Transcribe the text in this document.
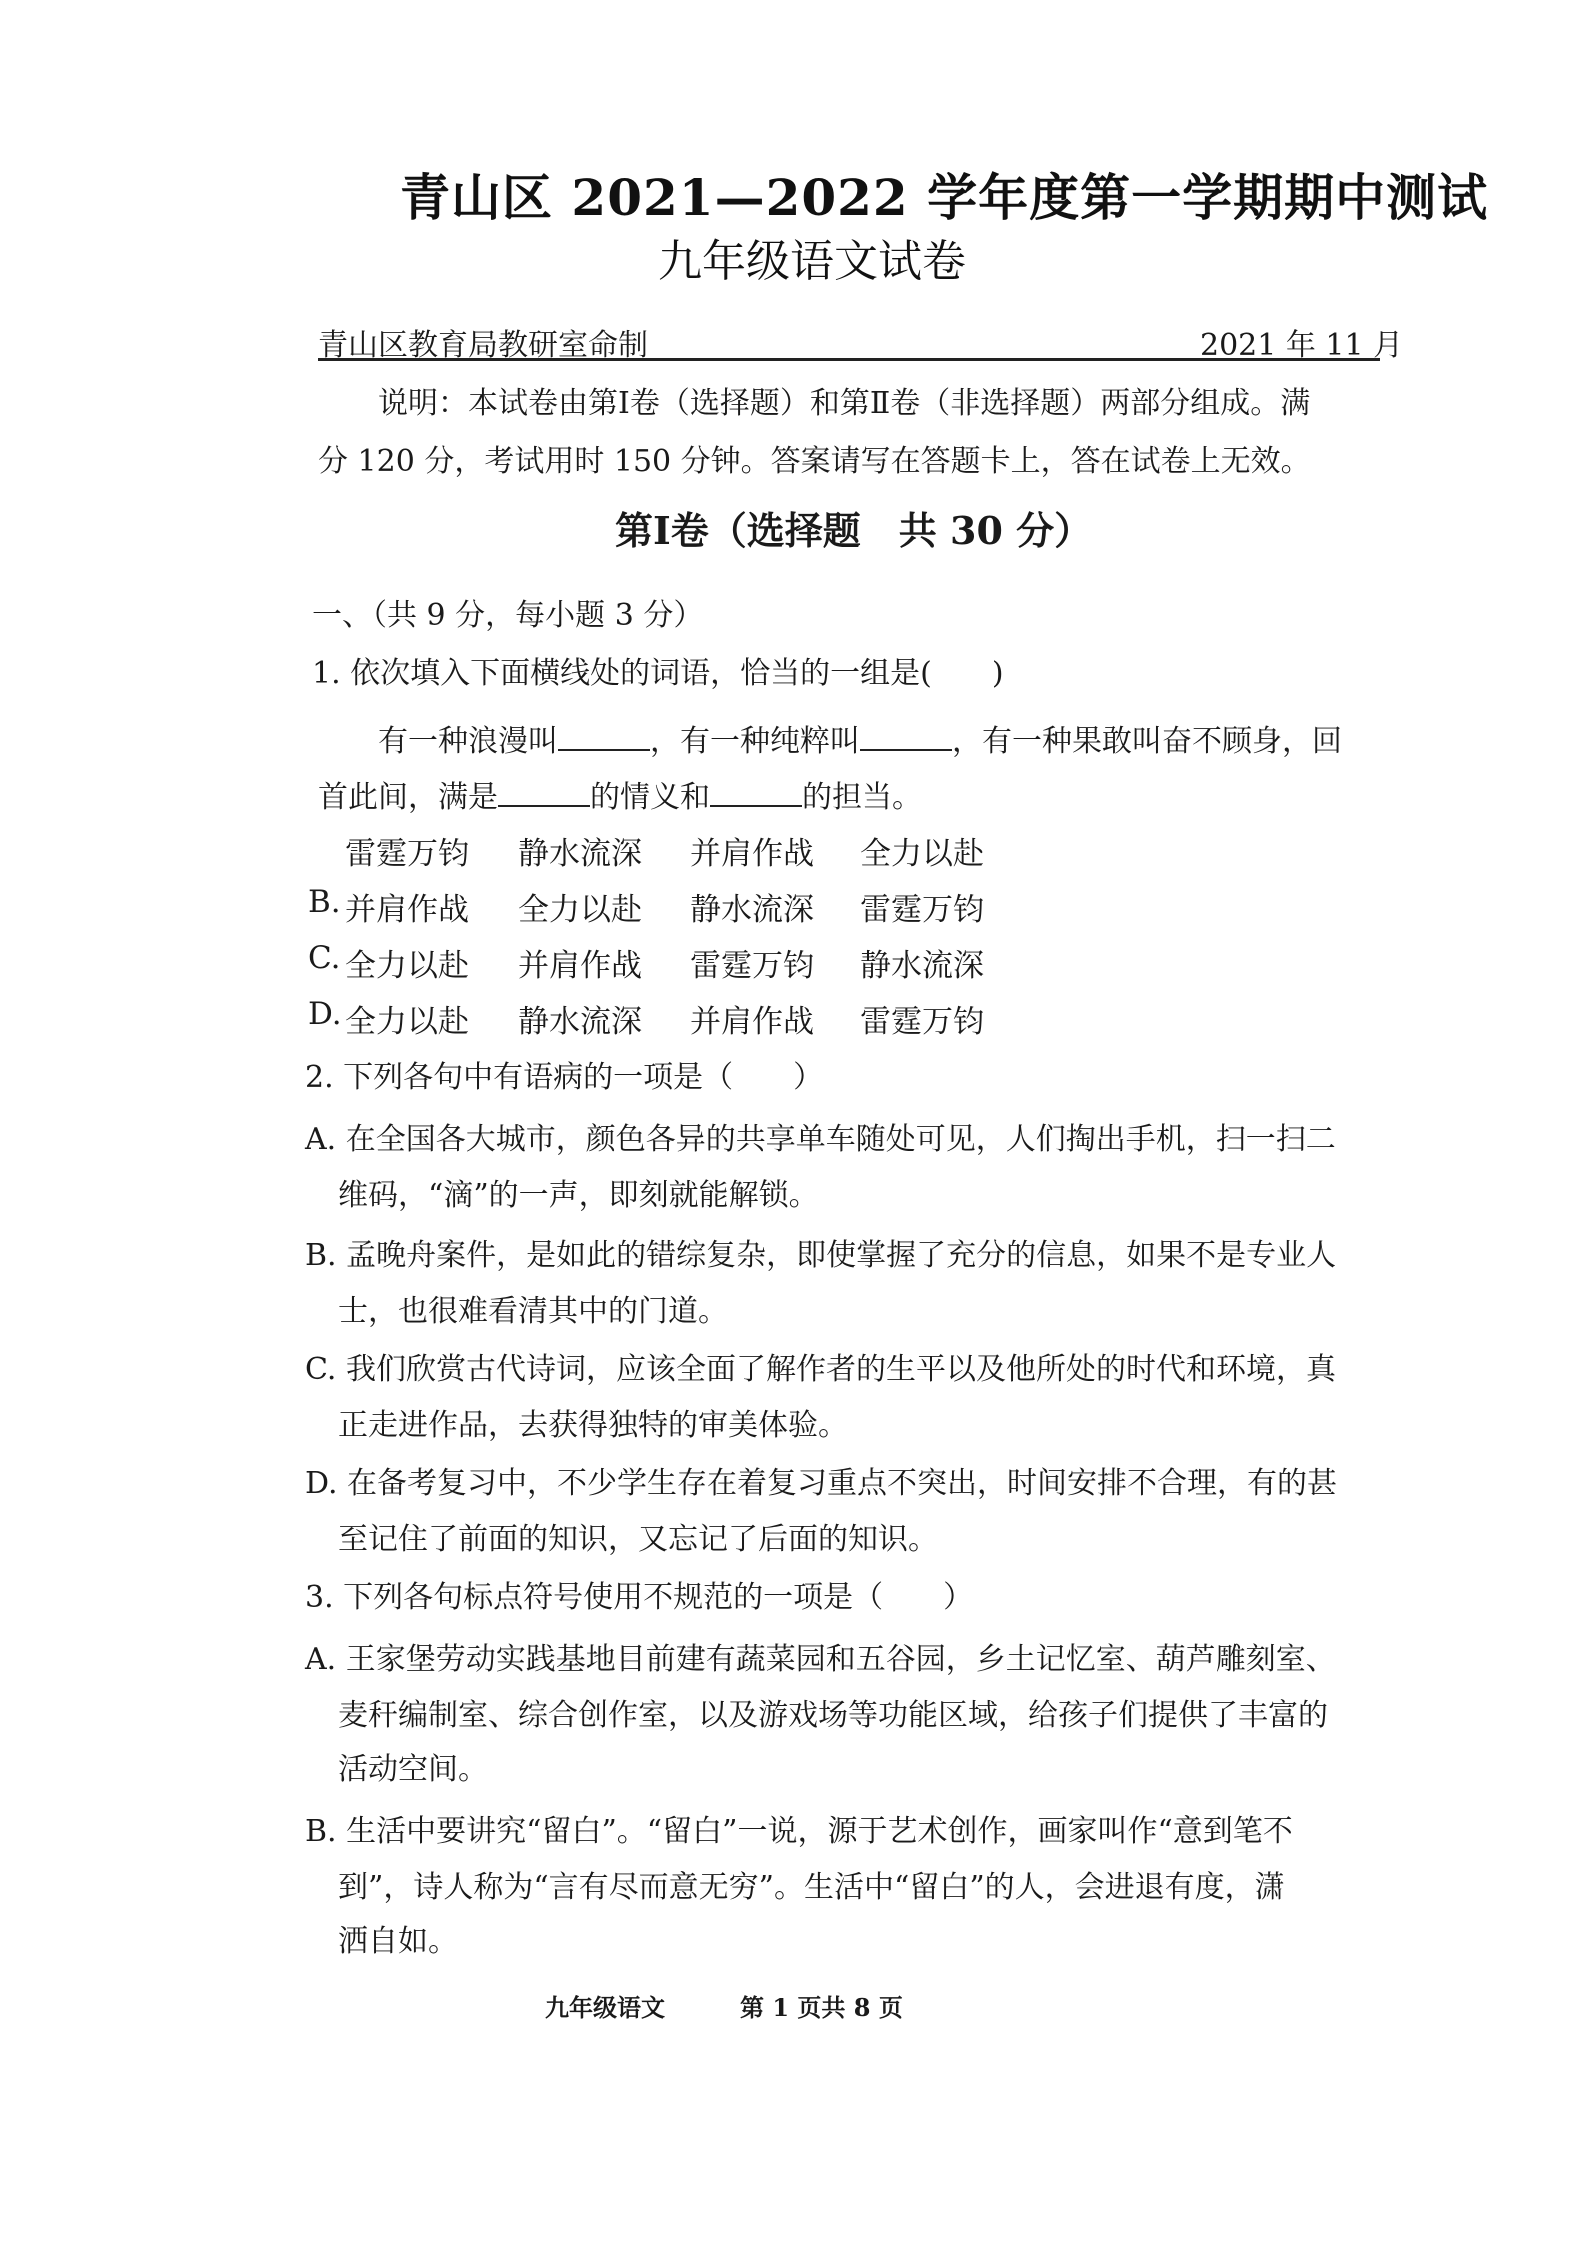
青山区 2021—2022 学年度第一学期期中测试
九年级语文试卷
青山区教育局教研室命制	2021 年 11 月
说明：本试卷由第Ⅰ卷（选择题）和第Ⅱ卷（非选择题）两部分组成。满
分 120 分，考试用时 150 分钟。答案请写在答题卡上，答在试卷上无效。
第Ⅰ卷（选择题　共 30 分）
一、（共 9 分，每小题 3 分）
1. 依次填入下面横线处的词语，恰当的一组是(　　)
有一种浪漫叫	，有一种纯粹叫	，有一种果敢叫奋不顾身，回
首此间，满是	的情义和	的担当。
雷霆万钧 静水流深 并肩作战 全力以赴
B. 并肩作战 全力以赴 静水流深 雷霆万钧
C. 全力以赴 并肩作战 雷霆万钧 静水流深
D. 全力以赴 静水流深 并肩作战 雷霆万钧
2. 下列各句中有语病的一项是（　　）
A. 在全国各大城市，颜色各异的共享单车随处可见，人们掏出手机，扫一扫二
维码，“滴”的一声，即刻就能解锁。
B. 孟晚舟案件，是如此的错综复杂，即使掌握了充分的信息，如果不是专业人
士，也很难看清其中的门道。
C. 我们欣赏古代诗词，应该全面了解作者的生平以及他所处的时代和环境，真
正走进作品，去获得独特的审美体验。
D. 在备考复习中，不少学生存在着复习重点不突出，时间安排不合理，有的甚
至记住了前面的知识，又忘记了后面的知识。
3. 下列各句标点符号使用不规范的一项是（　　）
A. 王家堡劳动实践基地目前建有蔬菜园和五谷园，乡土记忆室、葫芦雕刻室、
麦秆编制室、综合创作室，以及游戏场等功能区域，给孩子们提供了丰富的
活动空间。
B. 生活中要讲究“留白”。“留白”一说，源于艺术创作，画家叫作“意到笔不
到”，诗人称为“言有尽而意无穷”。生活中“留白”的人，会进退有度，潇
洒自如。
九年级语文	第 1 页共 8 页
